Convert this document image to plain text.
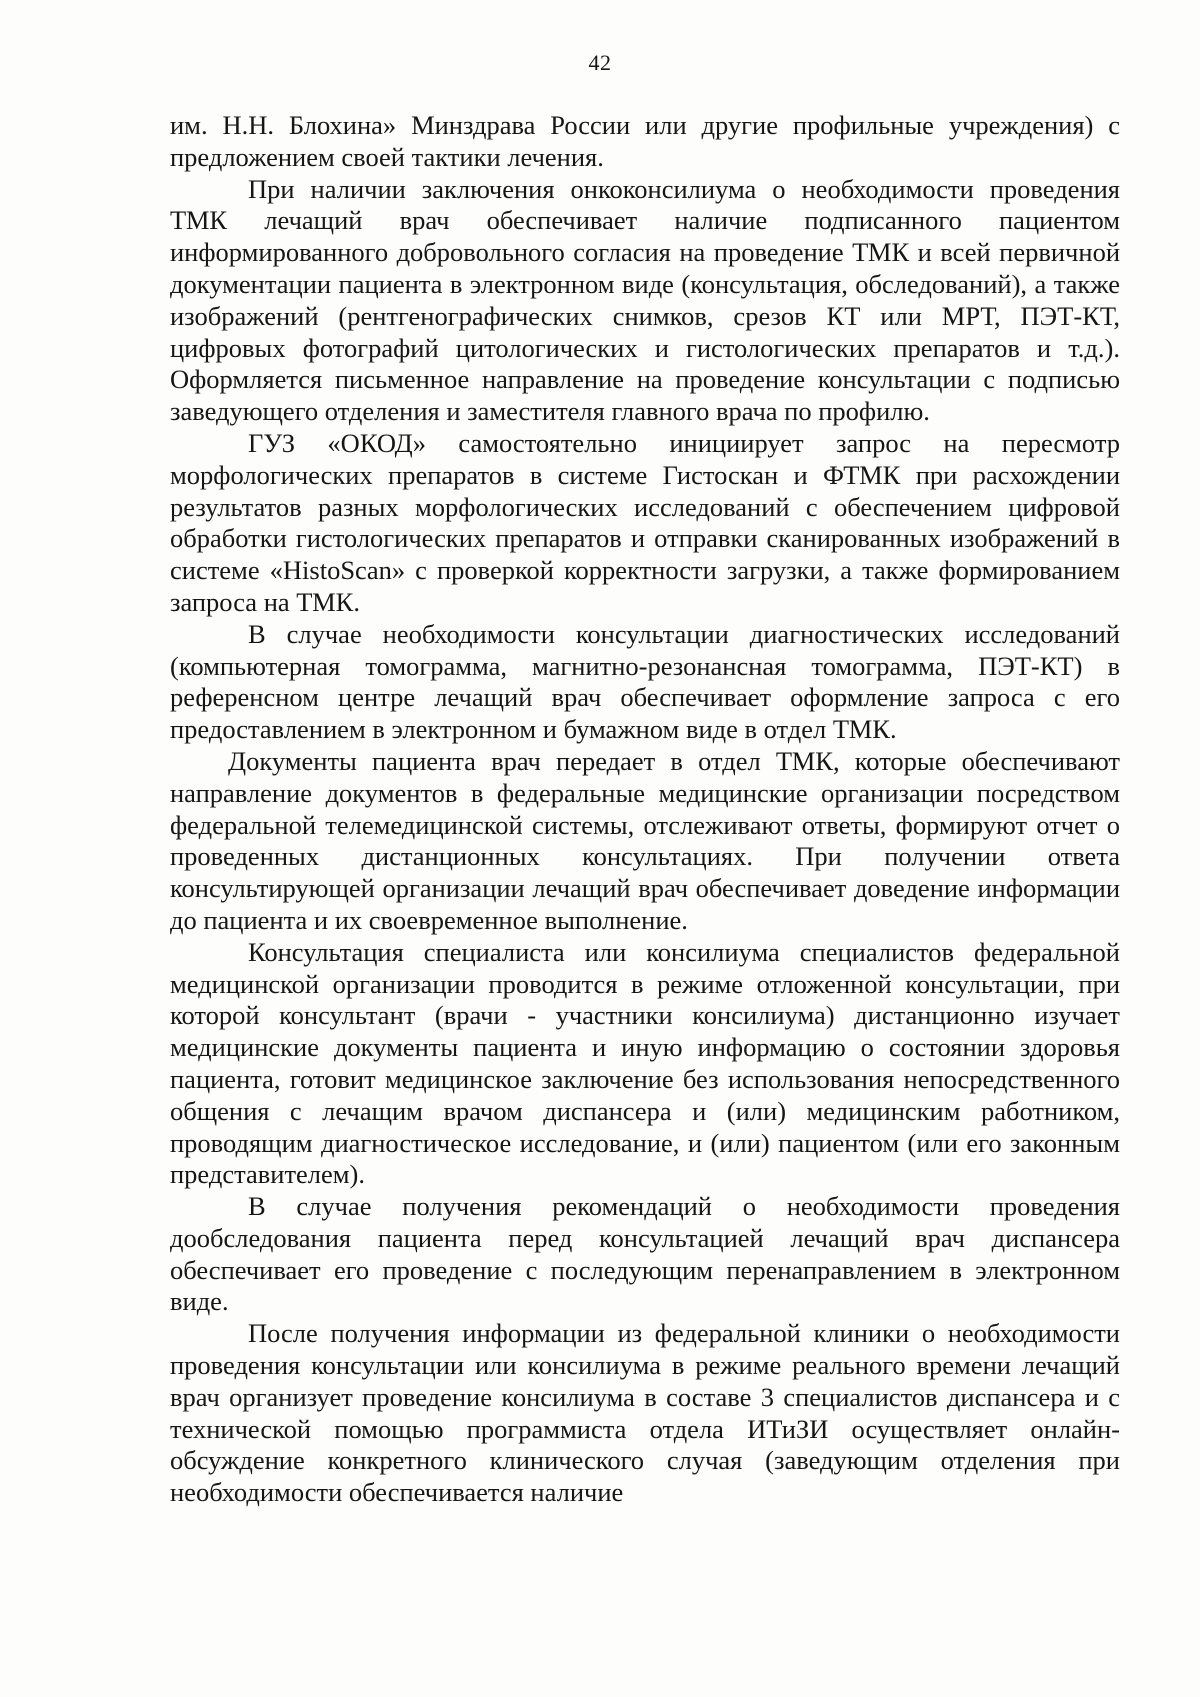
42

им. Н.Н. Блохина» Минздрава России или другие профильные учреждения) с предложением своей тактики лечения.

При наличии заключения онкоконсилиума о необходимости проведения ТМК лечащий врач обеспечивает наличие подписанного пациентом информированного добровольного согласия на проведение ТМК и всей первичной документации пациента в электронном виде (консультация, обследований), а также изображений (рентгенографических снимков, срезов КТ или МРТ, ПЭТ-КТ, цифровых фотографий цитологических и гистологических препаратов и т.д.). Оформляется письменное направление на проведение консультации с подписью заведующего отделения и заместителя главного врача по профилю.

ГУЗ «ОКОД» самостоятельно инициирует запрос на пересмотр морфологических препаратов в системе Гистоскан и ФТМК при расхождении результатов разных морфологических исследований с обеспечением цифровой обработки гистологических препаратов и отправки сканированных изображений в системе «HistoScan» с проверкой корректности загрузки, а также формированием запроса на ТМК.

В случае необходимости консультации диагностических исследований (компьютерная томограмма, магнитно-резонансная томограмма, ПЭТ-КТ) в референсном центре лечащий врач обеспечивает оформление запроса с его предоставлением в электронном и бумажном виде в отдел ТМК.

Документы пациента врач передает в отдел ТМК, которые обеспечивают направление документов в федеральные медицинские организации посредством федеральной телемедицинской системы, отслеживают ответы, формируют отчет о проведенных дистанционных консультациях. При получении ответа консультирующей организации лечащий врач обеспечивает доведение информации до пациента и их своевременное выполнение.

Консультация специалиста или консилиума специалистов федеральной медицинской организации проводится в режиме отложенной консультации, при которой консультант (врачи - участники консилиума) дистанционно изучает медицинские документы пациента и иную информацию о состоянии здоровья пациента, готовит медицинское заключение без использования непосредственного общения с лечащим врачом диспансера и (или) медицинским работником, проводящим диагностическое исследование, и (или) пациентом (или его законным представителем).

В случае получения рекомендаций о необходимости проведения дообследования пациента перед консультацией лечащий врач диспансера обеспечивает его проведение с последующим перенаправлением в электронном виде.

После получения информации из федеральной клиники о необходимости проведения консультации или консилиума в режиме реального времени лечащий врач организует проведение консилиума в составе 3 специалистов диспансера и с технической помощью программиста отдела ИТиЗИ осуществляет онлайн-обсуждение конкретного клинического случая (заведующим отделения при необходимости обеспечивается наличие
